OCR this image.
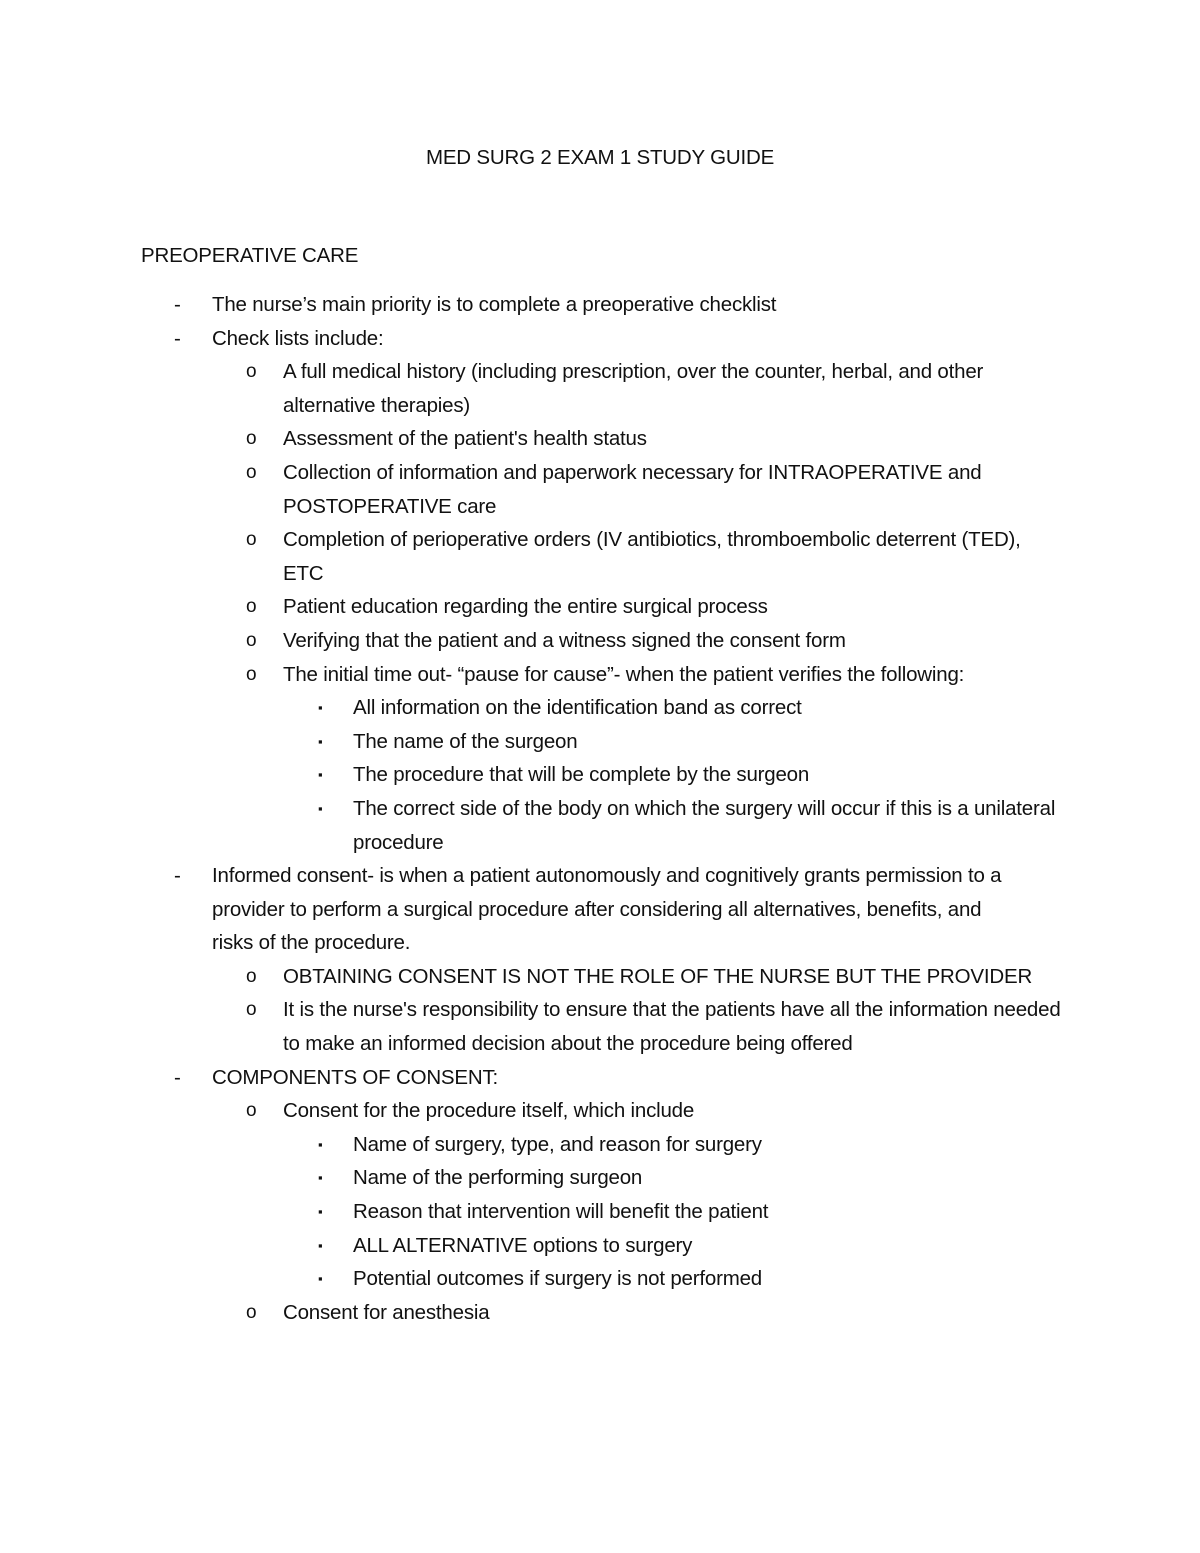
MED SURG 2 EXAM 1 STUDY GUIDE
PREOPERATIVE CARE
- The nurse’s main priority is to complete a preoperative checklist
- Check lists include:
o A full medical history (including prescription, over the counter, herbal, and other alternative therapies)
o Assessment of the patient's health status
o Collection of information and paperwork necessary for INTRAOPERATIVE and POSTOPERATIVE care
o Completion of perioperative orders (IV antibiotics, thromboembolic deterrent (TED), ETC
o Patient education regarding the entire surgical process
o Verifying that the patient and a witness signed the consent form
o The initial time out- “pause for cause”- when the patient verifies the following:
▪ All information on the identification band as correct
▪ The name of the surgeon
▪ The procedure that will be complete by the surgeon
▪ The correct side of the body on which the surgery will occur if this is a unilateral procedure
- Informed consent- is when a patient autonomously and cognitively grants permission to a provider to perform a surgical procedure after considering all alternatives, benefits, and risks of the procedure.
o OBTAINING CONSENT IS NOT THE ROLE OF THE NURSE BUT THE PROVIDER
o It is the nurse's responsibility to ensure that the patients have all the information needed to make an informed decision about the procedure being offered
- COMPONENTS OF CONSENT:
o Consent for the procedure itself, which include
▪ Name of surgery, type, and reason for surgery
▪ Name of the performing surgeon
▪ Reason that intervention will benefit the patient
▪ ALL ALTERNATIVE options to surgery
▪ Potential outcomes if surgery is not performed
o Consent for anesthesia
